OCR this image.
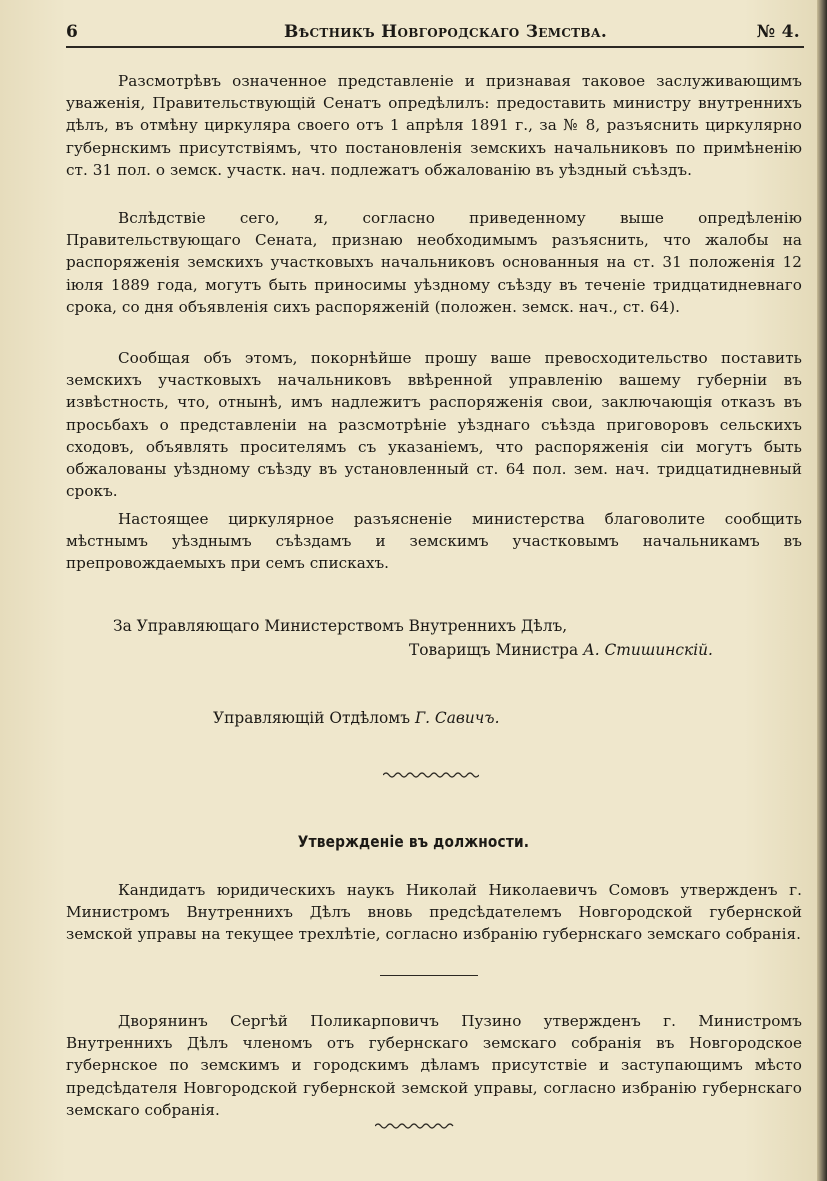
6	Вѣстникъ Новгородскаго Земства.	№ 4.

Разсмотрѣвъ означенное представленіе и признавая таковое заслуживающимъ уваженія, Правительствующій Сенатъ опредѣлилъ: предоставить министру внутреннихъ дѣлъ, въ отмѣну циркуляра своего отъ 1 апрѣля 1891 г., за № 8, разъяснить циркулярно губернскимъ присутствіямъ, что постановленія земскихъ начальниковъ по примѣненію ст. 31 пол. о земск. участк. нач. подлежатъ обжалованію въ уѣздный съѣздъ.

Вслѣдствіе сего, я, согласно приведенному выше опредѣленію Правительствующаго Сената, признаю необходимымъ разъяснить, что жалобы на распоряженія земскихъ участковыхъ начальниковъ основанныя на ст. 31 положенія 12 іюля 1889 года, могутъ быть приносимы уѣздному съѣзду въ теченіе тридцатидневнаго срока, со дня объявленія сихъ распоряженій (положен. земск. нач., ст. 64).

Сообщая объ этомъ, покорнѣйше прошу ваше превосходительство поставить земскихъ участковыхъ начальниковъ ввѣренной управленію вашему губерніи въ извѣстность, что, отнынѣ, имъ надлежитъ распоряженія свои, заключающія отказъ въ просьбахъ о представленіи на разсмотрѣніе уѣзднаго съѣзда приговоровъ сельскихъ сходовъ, объявлять просителямъ съ указаніемъ, что распоряженія сіи могутъ быть обжалованы уѣздному съѣзду въ установленный ст. 64 пол. зем. нач. тридцатидневный срокъ.

Настоящее циркулярное разъясненіе министерства благоволите сообщить мѣстнымъ уѣзднымъ съѣздамъ и земскимъ участковымъ начальникамъ въ препровождаемыхъ при семъ спискахъ.

За Управляющаго Министерствомъ Внутреннихъ Дѣлъ,
Товарищъ Министра А. Стишинскій.
Управляющій Отдѣломъ Г. Савичъ.
Утвержденіе въ должности.

Кандидатъ юридическихъ наукъ Николай Николаевичъ Сомовъ утвержденъ г. Министромъ Внутреннихъ Дѣлъ вновь предсѣдателемъ Новгородской губернской земской управы на текущее трехлѣтіе, согласно избранію губернскаго земскаго собранія.

Дворянинъ Сергѣй Поликарповичъ Пузино утвержденъ г. Министромъ Внутреннихъ Дѣлъ членомъ отъ губернскаго земскаго собранія въ Новгородское губернское по земскимъ и городскимъ дѣламъ присутствіе и заступающимъ мѣсто предсѣдателя Новгородской губернской земской управы, согласно избранію губернскаго земскаго собранія.
